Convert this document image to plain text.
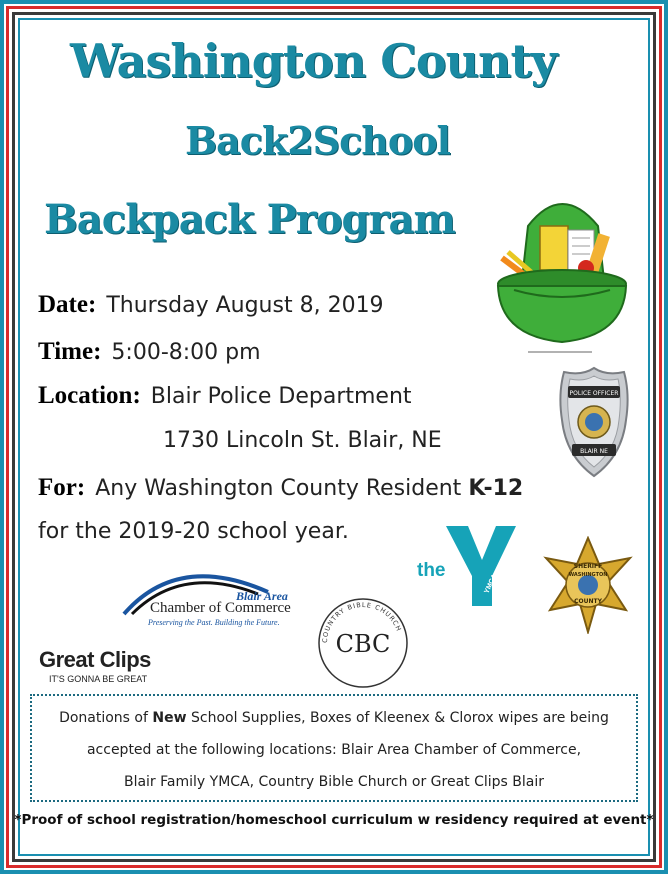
Washington County
Back2School
Backpack Program
Date: Thursday August 8, 2019
Time: 5:00-8:00 pm
Location: Blair Police Department
1730 Lincoln St. Blair, NE
For: Any Washington County Resident K-12
for the 2019-20 school year.
POLICE OFFICER
BLAIR NE
the
YMCA
SHERIFF
WASHINGTON
COUNTY
Blair Area
Chamber of Commerce
Preserving the Past. Building the Future.
COUNTRY BIBLE CHURCH
CBC
Great Clips
IT'S GONNA BE GREAT
Donations of New School Supplies, Boxes of Kleenex & Clorox wipes are being
accepted at the following locations: Blair Area Chamber of Commerce,
Blair Family YMCA, Country Bible Church or Great Clips Blair
*Proof of school registration/homeschool curriculum w residency required at event*
